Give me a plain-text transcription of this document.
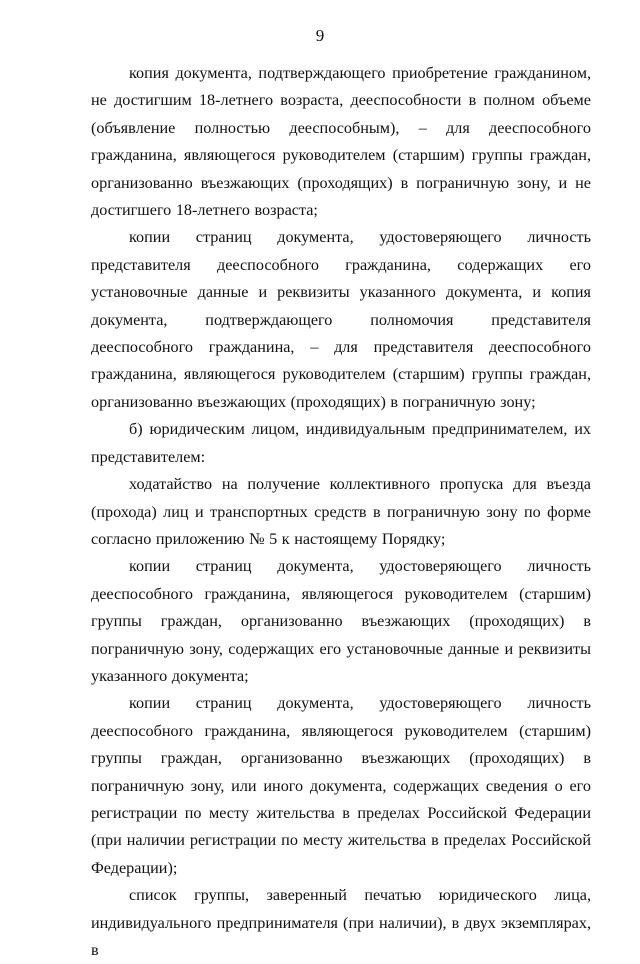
9

копия документа, подтверждающего приобретение гражданином, не достигшим 18-летнего возраста, дееспособности в полном объеме (объявление полностью дееспособным), – для дееспособного гражданина, являющегося руководителем (старшим) группы граждан, организованно въезжающих (проходящих) в пограничную зону, и не достигшего 18-летнего возраста;

копии страниц документа, удостоверяющего личность представителя дееспособного гражданина, содержащих его установочные данные и реквизиты указанного документа, и копия документа, подтверждающего полномочия представителя дееспособного гражданина, – для представителя дееспособного гражданина, являющегося руководителем (старшим) группы граждан, организованно въезжающих (проходящих) в пограничную зону;

б) юридическим лицом, индивидуальным предпринимателем, их представителем:

ходатайство на получение коллективного пропуска для въезда (прохода) лиц и транспортных средств в пограничную зону по форме согласно приложению № 5 к настоящему Порядку;

копии страниц документа, удостоверяющего личность дееспособного гражданина, являющегося руководителем (старшим) группы граждан, организованно въезжающих (проходящих) в пограничную зону, содержащих его установочные данные и реквизиты указанного документа;

копии страниц документа, удостоверяющего личность дееспособного гражданина, являющегося руководителем (старшим) группы граждан, организованно въезжающих (проходящих) в пограничную зону, или иного документа, содержащих сведения о его регистрации по месту жительства в пределах Российской Федерации (при наличии регистрации по месту жительства в пределах Российской Федерации);

список группы, заверенный печатью юридического лица, индивидуального предпринимателя (при наличии), в двух экземплярах, в
